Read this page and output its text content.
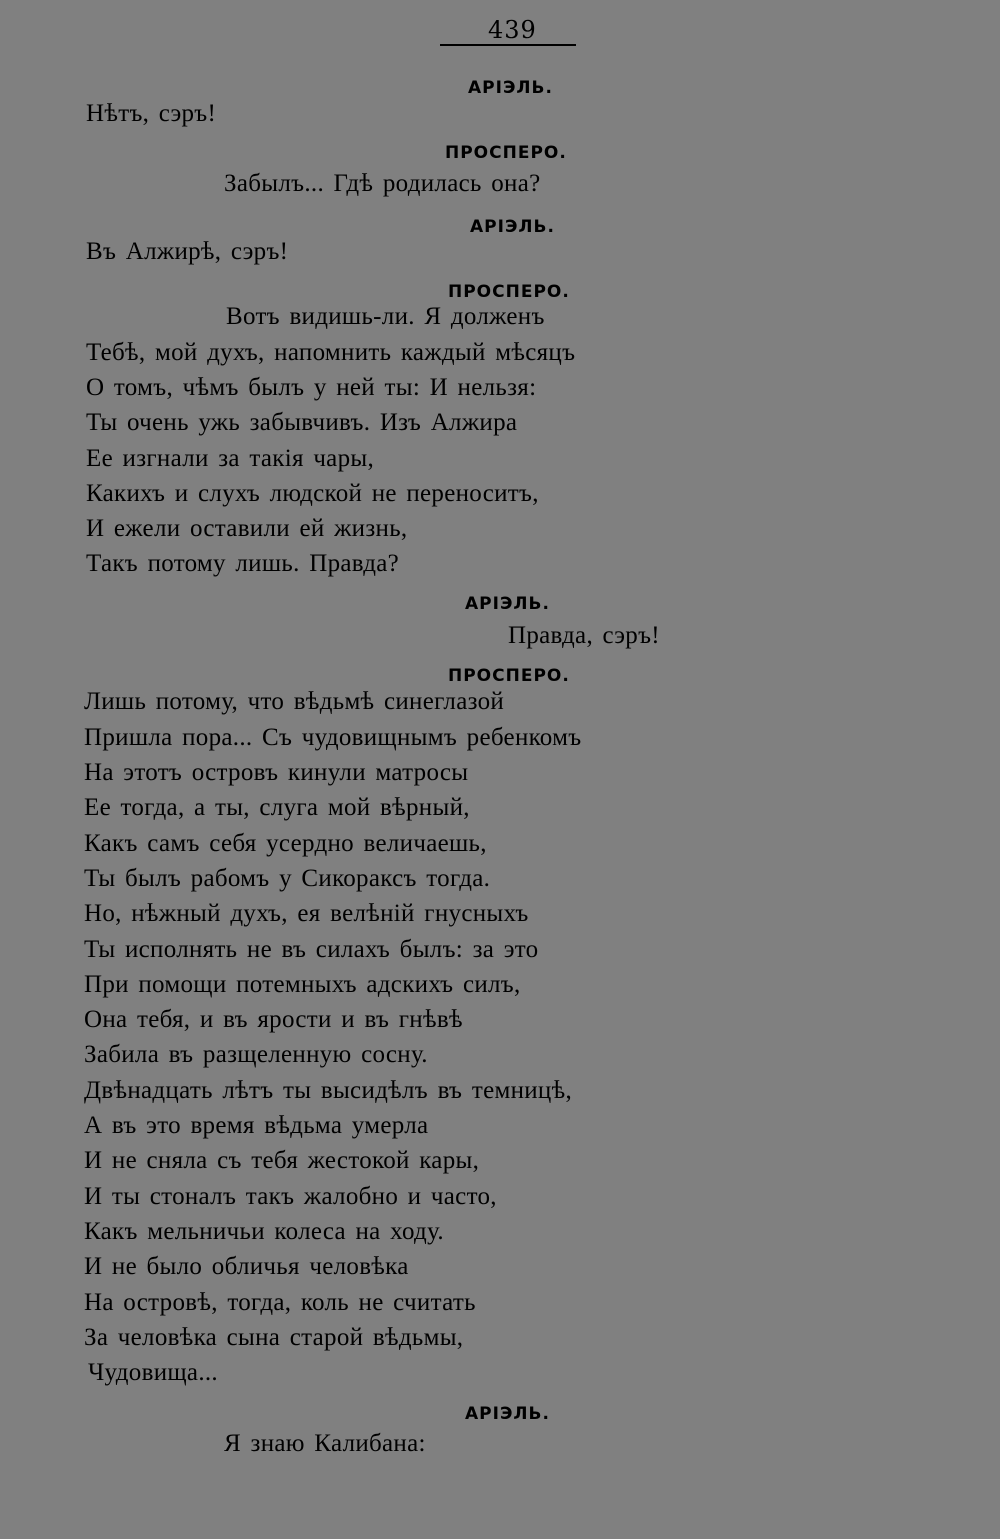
439
АРІЭЛЬ.
Нѣтъ, сэръ!
ПРОСПЕРО.
Забылъ... Гдѣ родилась она?
АРІЭЛЬ.
Въ Алжирѣ, сэръ!
ПРОСПЕРО.
Вотъ видишь-ли. Я долженъ
Тебѣ, мой духъ, напомнить каждый мѣсяцъ
О томъ, чѣмъ былъ у ней ты: И нельзя:
Ты очень ужь забывчивъ. Изъ Алжира
Ее изгнали за такія чары,
Какихъ и слухъ людской не переноситъ,
И ежели оставили ей жизнь,
Такъ потому лишь. Правда?
АРІЭЛЬ.
Правда, сэръ!
ПРОСПЕРО.
Лишь потому, что вѣдьмѣ синеглазой
Пришла пора... Съ чудовищнымъ ребенкомъ
На этотъ островъ кинули матросы
Ее тогда, а ты, слуга мой вѣрный,
Какъ самъ себя усердно величаешь,
Ты былъ рабомъ у Сикораксъ тогда.
Но, нѣжный духъ, ея велѣній гнусныхъ
Ты исполнять не въ силахъ былъ: за это
При помощи потемныхъ адскихъ силъ,
Она тебя, и въ ярости и въ гнѣвѣ
Забила въ разщеленную сосну.
Двѣнадцать лѣтъ ты высидѣлъ въ темницѣ,
А въ это время вѣдьма умерла
И не сняла съ тебя жестокой кары,
И ты стоналъ такъ жалобно и часто,
Какъ мельничьи колеса на ходу.
И не было обличья человѣка
На островѣ, тогда, коль не считать
За человѣка сына старой вѣдьмы,
Чудовища...
АРІЭЛЬ.
Я знаю Калибана:
